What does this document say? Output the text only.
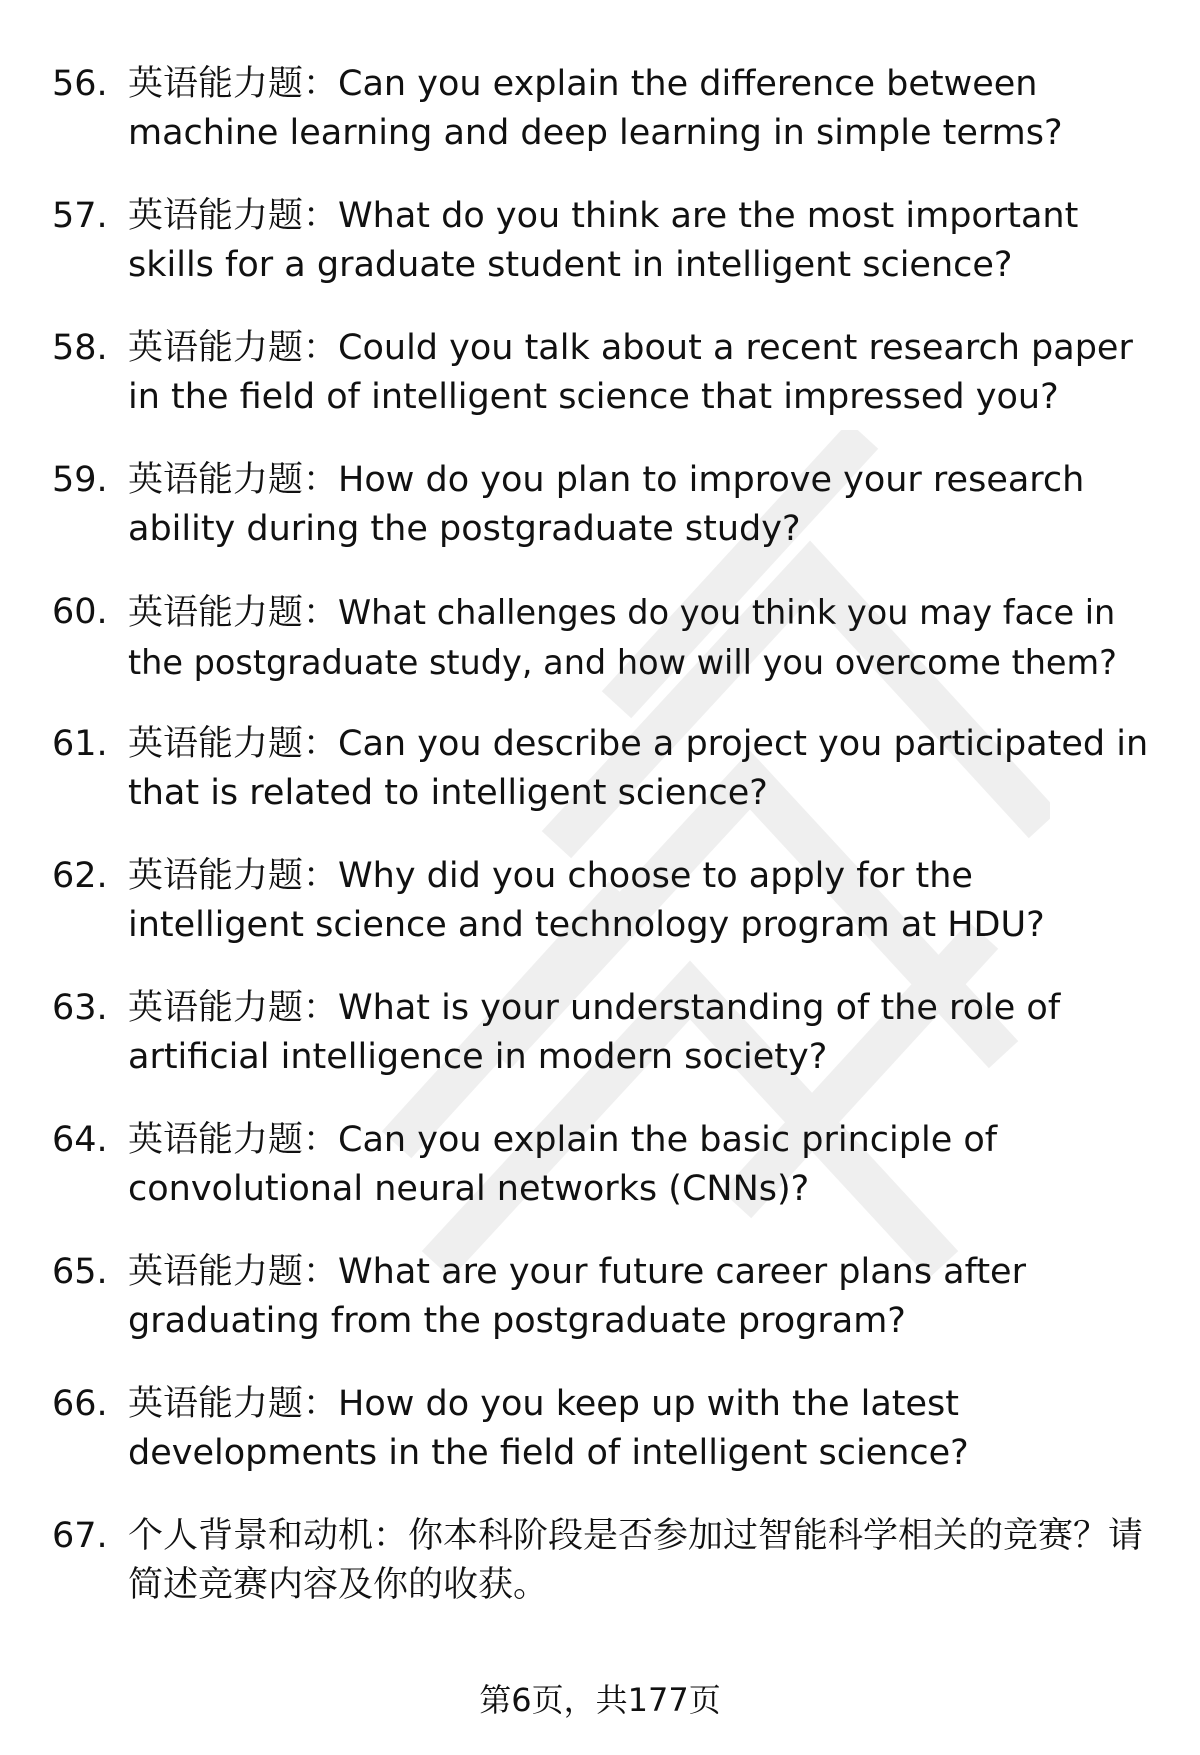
56. 英语能力题：Can you explain the difference between machine learning and deep learning in simple terms?
57. 英语能力题：What do you think are the most important skills for a graduate student in intelligent science?
58. 英语能力题：Could you talk about a recent research paper in the field of intelligent science that impressed you?
59. 英语能力题：How do you plan to improve your research ability during the postgraduate study?
60. 英语能力题：What challenges do you think you may face in the postgraduate study, and how will you overcome them?
61. 英语能力题：Can you describe a project you participated in that is related to intelligent science?
62. 英语能力题：Why did you choose to apply for the intelligent science and technology program at HDU?
63. 英语能力题：What is your understanding of the role of artificial intelligence in modern society?
64. 英语能力题：Can you explain the basic principle of convolutional neural networks (CNNs)?
65. 英语能力题：What are your future career plans after graduating from the postgraduate program?
66. 英语能力题：How do you keep up with the latest developments in the field of intelligent science?
67. 个人背景和动机：你本科阶段是否参加过智能科学相关的竞赛？请简述竞赛内容及你的收获。
第6页，共177页
